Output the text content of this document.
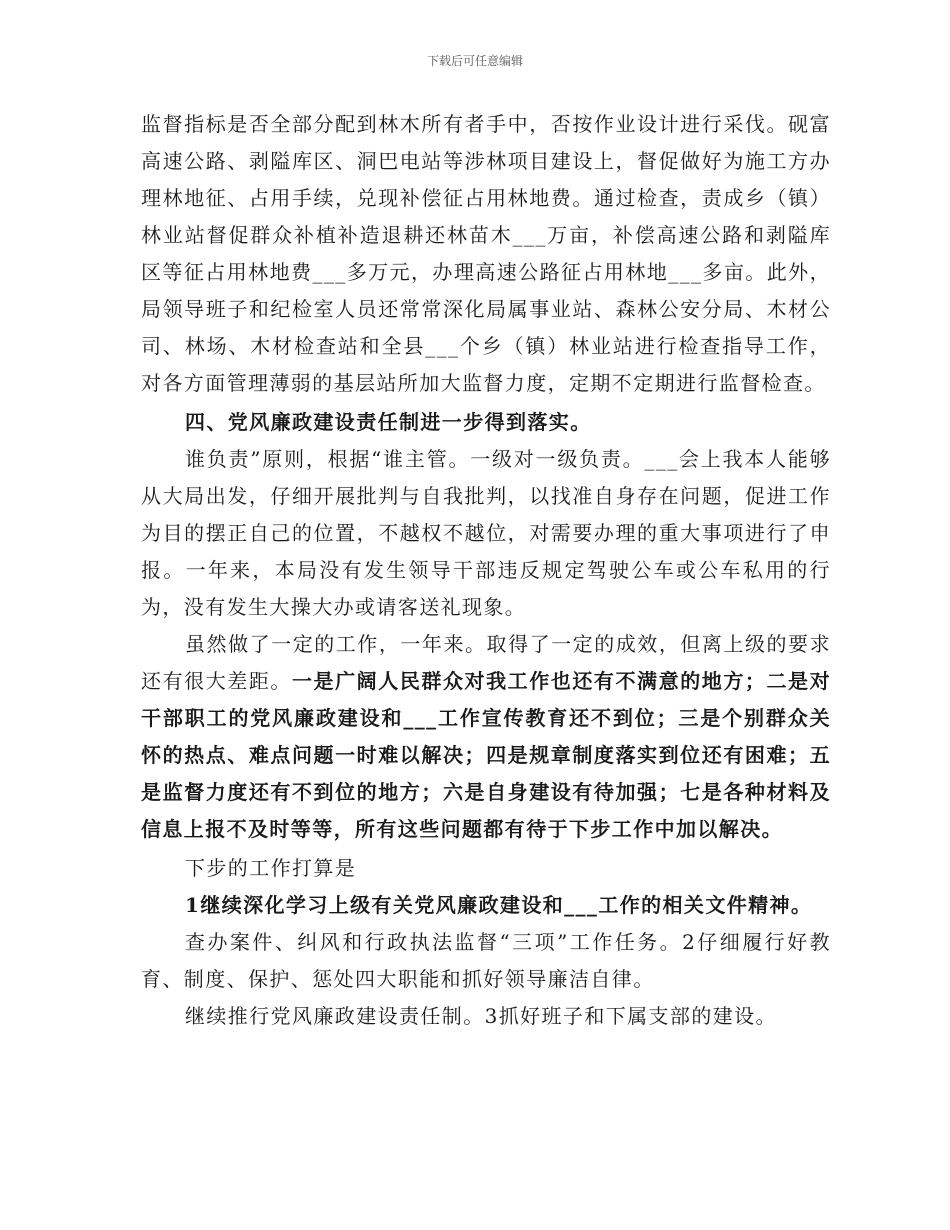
下载后可任意编辑

监督指标是否全部分配到林木所有者手中，否按作业设计进行采伐。砚富高速公路、剥隘库区、洞巴电站等涉林项目建设上，督促做好为施工方办理林地征、占用手续，兑现补偿征占用林地费。通过检查，责成乡（镇）林业站督促群众补植补造退耕还林苗木___万亩，补偿高速公路和剥隘库区等征占用林地费___多万元，办理高速公路征占用林地___多亩。此外，局领导班子和纪检室人员还常常深化局属事业站、森林公安分局、木材公司、林场、木材检查站和全县___个乡（镇）林业站进行检查指导工作，对各方面管理薄弱的基层站所加大监督力度，定期不定期进行监督检查。

四、党风廉政建设责任制进一步得到落实。

谁负责”原则，根据“谁主管。一级对一级负责。___会上我本人能够从大局出发，仔细开展批判与自我批判，以找准自身存在问题，促进工作为目的摆正自己的位置，不越权不越位，对需要办理的重大事项进行了申报。一年来，本局没有发生领导干部违反规定驾驶公车或公车私用的行为，没有发生大操大办或请客送礼现象。

虽然做了一定的工作，一年来。取得了一定的成效，但离上级的要求还有很大差距。一是广阔人民群众对我工作也还有不满意的地方；二是对干部职工的党风廉政建设和___工作宣传教育还不到位；三是个别群众关怀的热点、难点问题一时难以解决；四是规章制度落实到位还有困难；五是监督力度还有不到位的地方；六是自身建设有待加强；七是各种材料及信息上报不及时等等，所有这些问题都有待于下步工作中加以解决。

下步的工作打算是

1继续深化学习上级有关党风廉政建设和___工作的相关文件精神。

查办案件、纠风和行政执法监督“三项”工作任务。2仔细履行好教育、制度、保护、惩处四大职能和抓好领导廉洁自律。

继续推行党风廉政建设责任制。3抓好班子和下属支部的建设。
